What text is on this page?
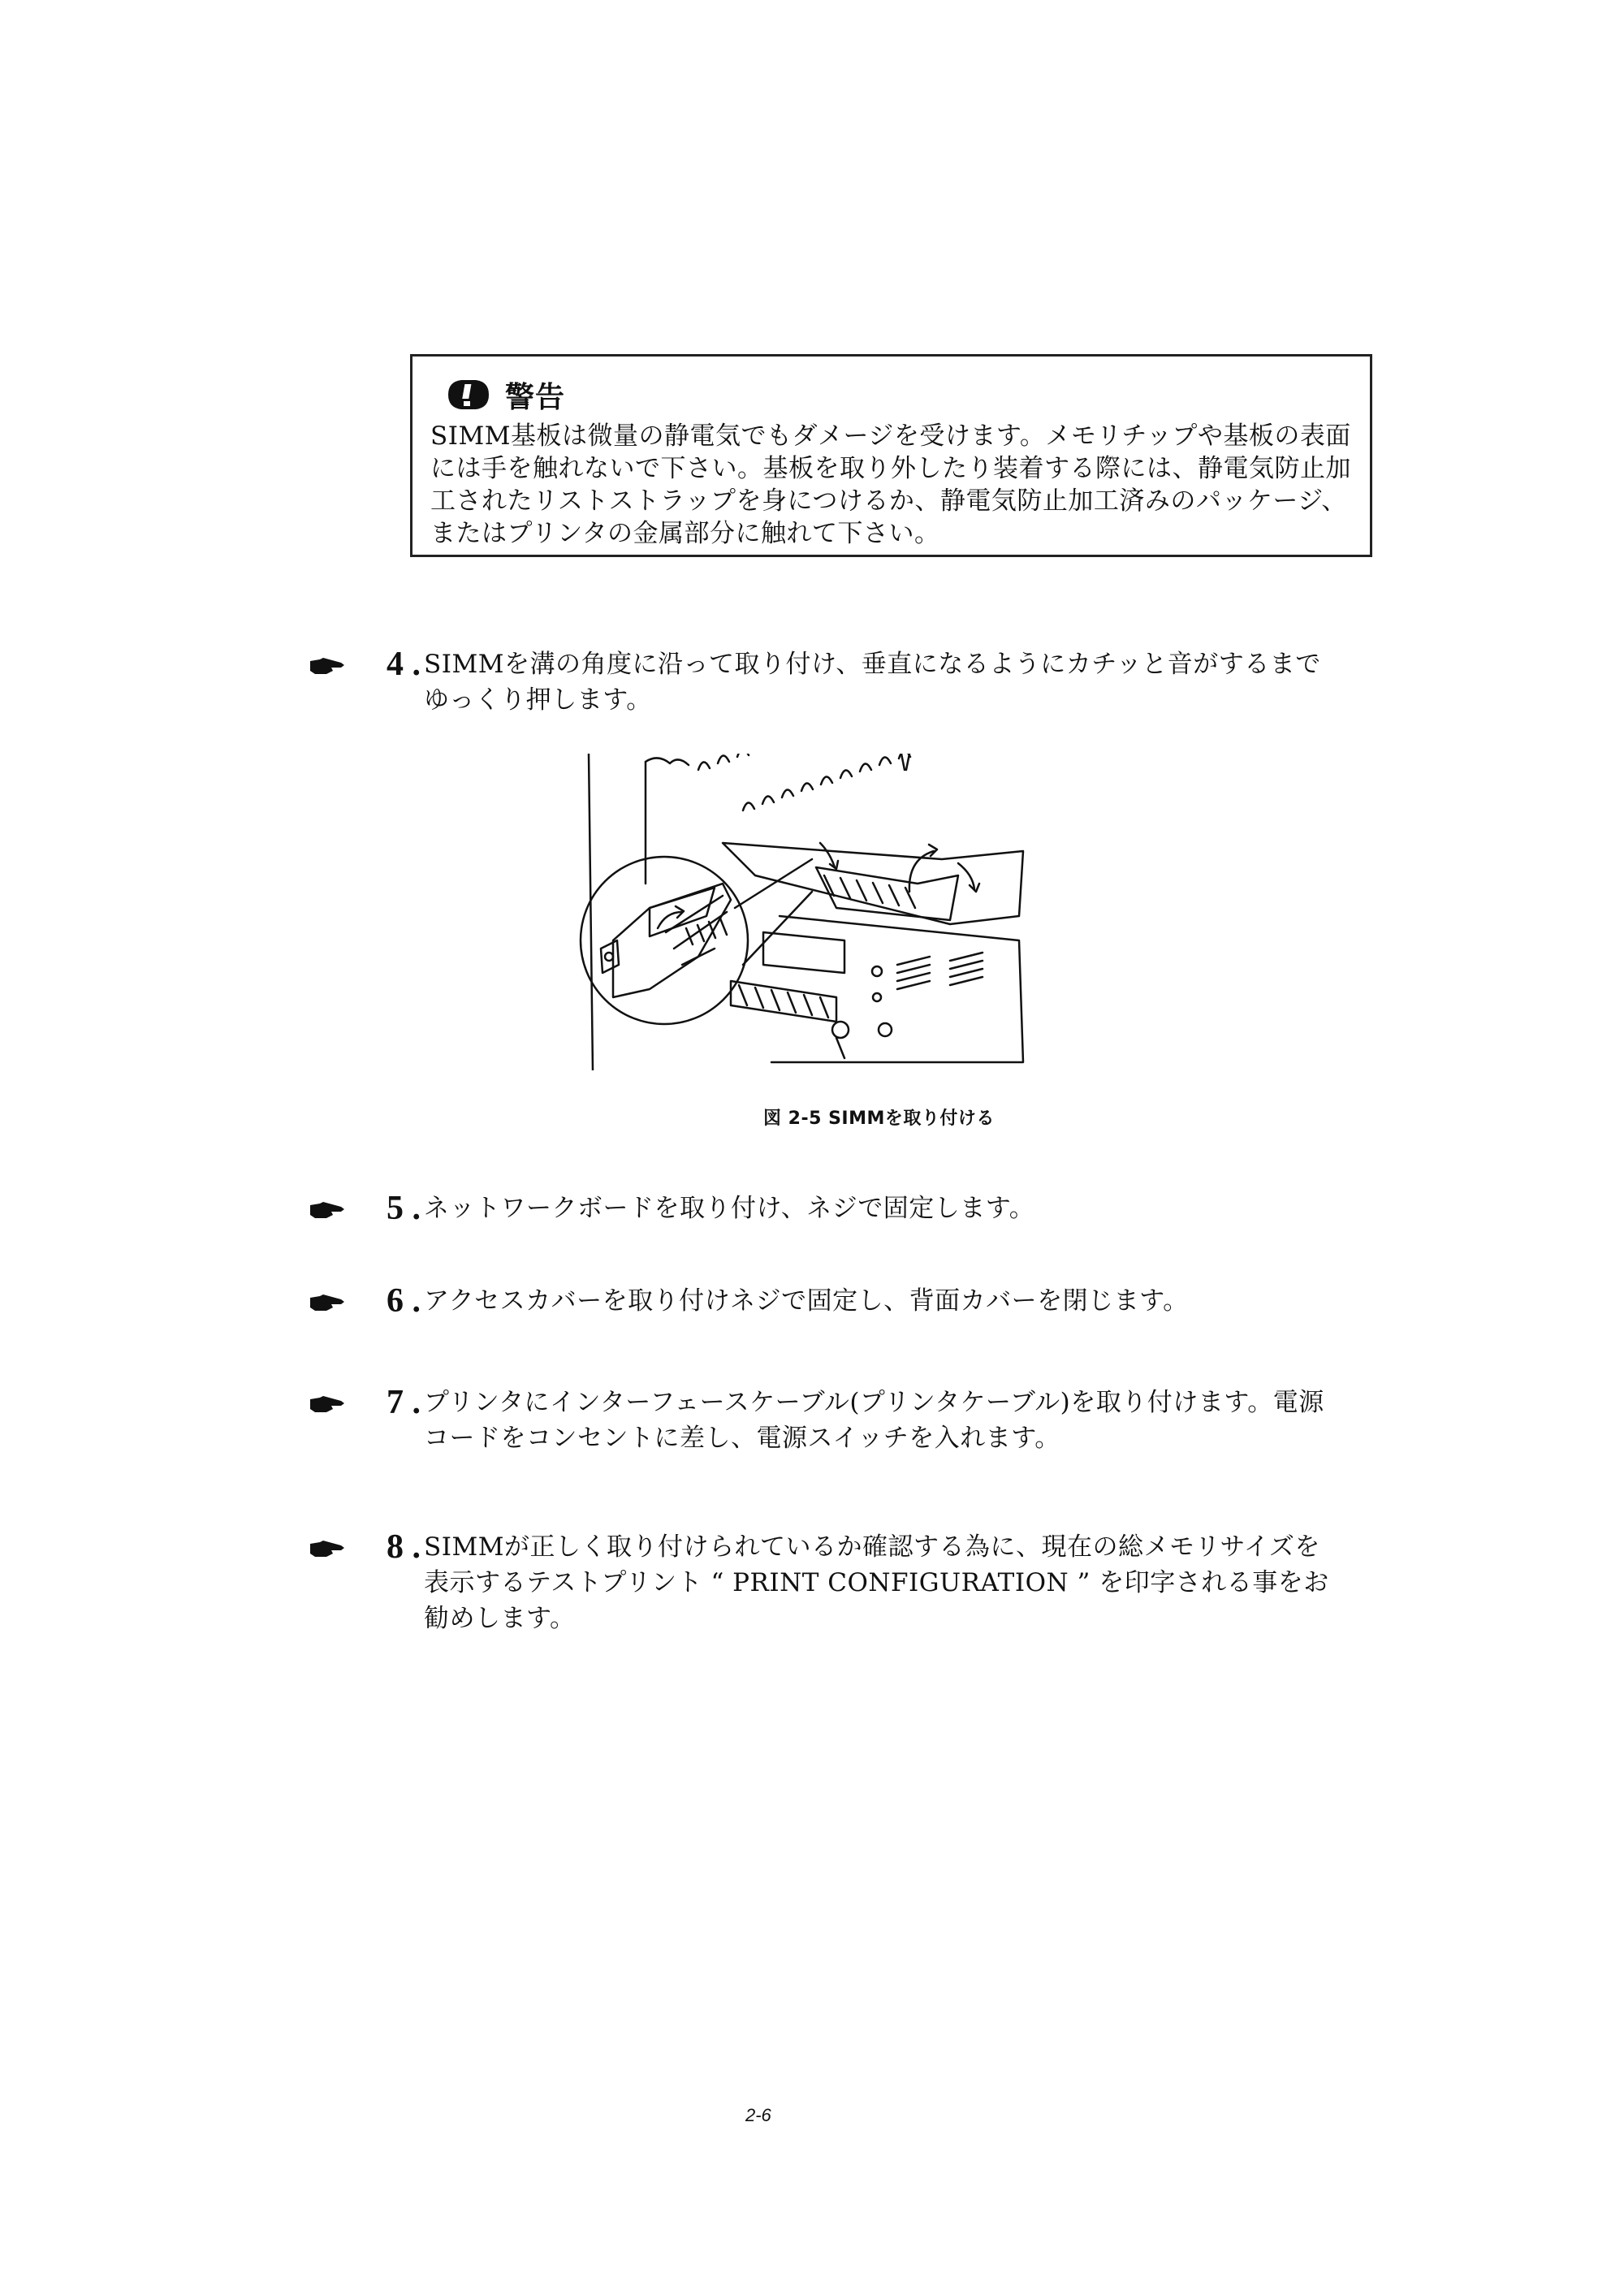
警告
SIMM基板は微量の静電気でもダメージを受けます。メモリチップや基板の表面には手を触れないで下さい。基板を取り外したり装着する際には、静電気防止加工されたリストストラップを身につけるか、静電気防止加工済みのパッケージ、またはプリンタの金属部分に触れて下さい。
4 . SIMMを溝の角度に沿って取り付け、垂直になるようにカチッと音がするまでゆっくり押します。
図 2-5 SIMMを取り付ける
5 . ネットワークボードを取り付け、ネジで固定します。
6 . アクセスカバーを取り付けネジで固定し、背面カバーを閉じます。
7 . プリンタにインターフェースケーブル(プリンタケーブル)を取り付けます。電源コードをコンセントに差し、電源スイッチを入れます。
8 . SIMMが正しく取り付けられているか確認する為に、現在の総メモリサイズを表示するテストプリント “ PRINT CONFIGURATION ” を印字される事をお勧めします。
2-6
